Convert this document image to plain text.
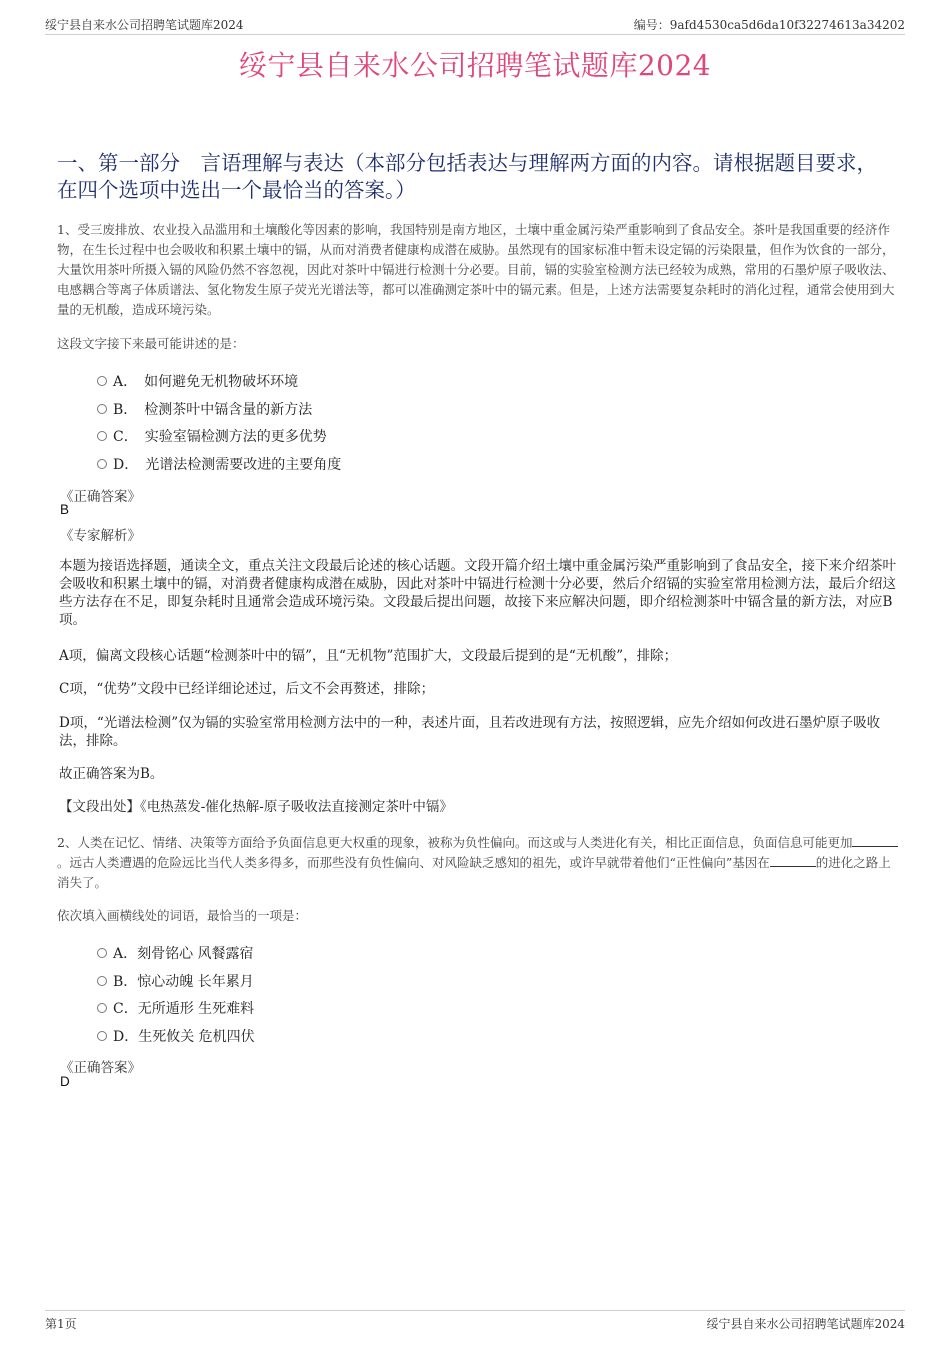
绥宁县自来水公司招聘笔试题库2024	编号：9afd4530ca5d6da10f32274613a34202
绥宁县自来水公司招聘笔试题库2024
一、第一部分　言语理解与表达（本部分包括表达与理解两方面的内容。请根据题目要求，在四个选项中选出一个最恰当的答案。）
1、受三废排放、农业投入品滥用和土壤酸化等因素的影响，我国特别是南方地区，土壤中重金属污染严重影响到了食品安全。茶叶是我国重要的经济作物，在生长过程中也会吸收和积累土壤中的镉，从而对消费者健康构成潜在威胁。虽然现有的国家标准中暂未设定镉的污染限量，但作为饮食的一部分，大量饮用茶叶所摄入镉的风险仍然不容忽视，因此对茶叶中镉进行检测十分必要。目前，镉的实验室检测方法已经较为成熟，常用的石墨炉原子吸收法、电感耦合等离子体质谱法、氢化物发生原子荧光光谱法等，都可以准确测定茶叶中的镉元素。但是，上述方法需要复杂耗时的消化过程，通常会使用到大量的无机酸，造成环境污染。
这段文字接下来最可能讲述的是：
A．　如何避免无机物破坏环境
B．　检测茶叶中镉含量的新方法
C．　实验室镉检测方法的更多优势
D．　光谱法检测需要改进的主要角度
《正确答案》
B
《专家解析》
本题为接语选择题，通读全文，重点关注文段最后论述的核心话题。文段开篇介绍土壤中重金属污染严重影响到了食品安全，接下来介绍茶叶会吸收和积累土壤中的镉，对消费者健康构成潜在威胁，因此对茶叶中镉进行检测十分必要，然后介绍镉的实验室常用检测方法，最后介绍这些方法存在不足，即复杂耗时且通常会造成环境污染。文段最后提出问题，故接下来应解决问题，即介绍检测茶叶中镉含量的新方法，对应B项。
A项，偏离文段核心话题“检测茶叶中的镉”，且“无机物”范围扩大，文段最后提到的是“无机酸”，排除；
C项，“优势”文段中已经详细论述过，后文不会再赘述，排除；
D项，“光谱法检测”仅为镉的实验室常用检测方法中的一种，表述片面，且若改进现有方法，按照逻辑，应先介绍如何改进石墨炉原子吸收法，排除。
故正确答案为B。
【文段出处】《电热蒸发-催化热解-原子吸收法直接测定茶叶中镉》
2、人类在记忆、情绪、决策等方面给予负面信息更大权重的现象，被称为负性偏向。而这或与人类进化有关，相比正面信息，负面信息可能更加。远古人类遭遇的危险远比当代人类多得多，而那些没有负性偏向、对风险缺乏感知的祖先，或许早就带着他们“正性偏向”基因在	的进化之路上消失了。
依次填入画横线处的词语，最恰当的一项是：
A．刻骨铭心 风餐露宿
B．惊心动魄 长年累月
C．无所遁形 生死难料
D．生死攸关 危机四伏
《正确答案》
D
第1页	绥宁县自来水公司招聘笔试题库2024
